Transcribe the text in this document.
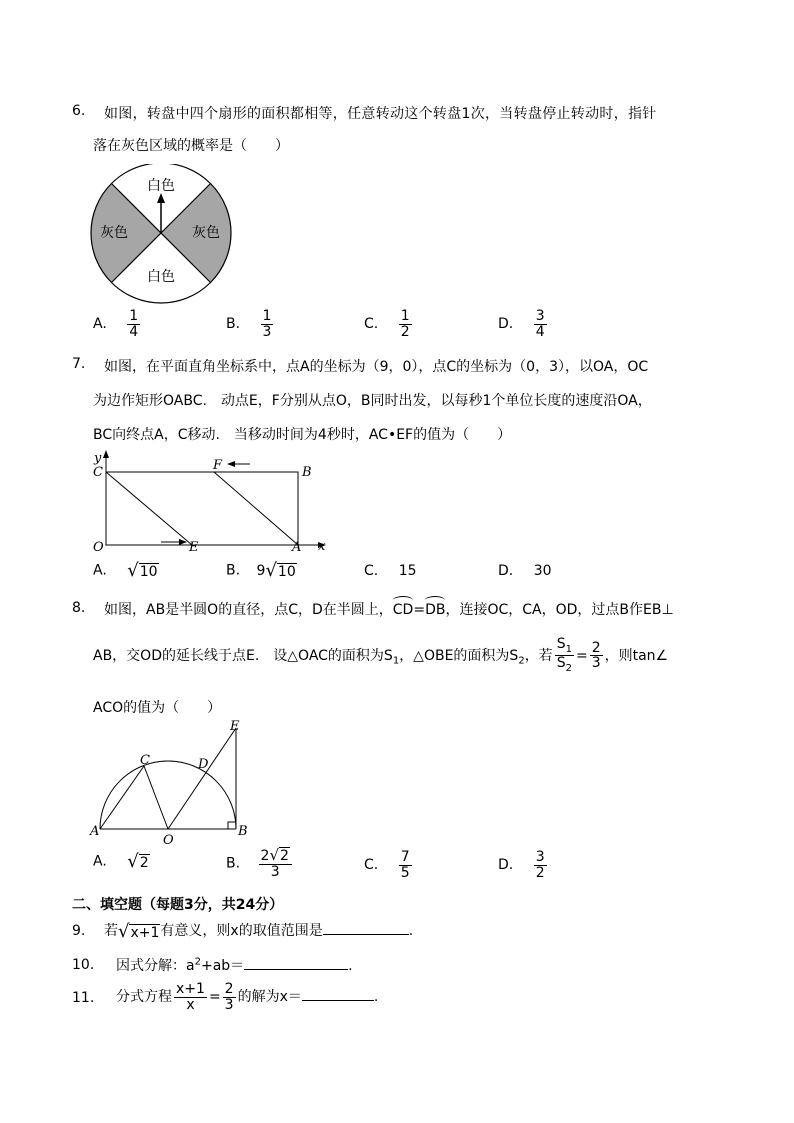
6. 如图，转盘中四个扇形的面积都相等，任意转动这个转盘1次，当转盘停止转动时，指针
落在灰色区域的概率是（　　）
白色
白色
灰色	灰色
A. $\frac{1}{4}$	B. $\frac{1}{3}$	C. $\frac{1}{2}$	D. $\frac{3}{4}$
7. 如图，在平面直角坐标系中，点A的坐标为（9，0），点C的坐标为（0，3），以OA，OC
为边作矩形OABC.　动点E，F分别从点O，B同时出发，以每秒1个单位长度的速度沿OA，
BC向终点A，C移动.　当移动时间为4秒时，AC•EF的值为（　　）
y
x
C	F	B
O	E	A
A. √10	B. 9√10	C. 15	D. 30
8. 如图，AB是半圆O的直径，点C，D在半圆上，
CD=
DB，连接OC，CA，OD，过点B作EB⊥
AB，交OD的延长线于点E.　设△OAC的面积为$S_1$，△OBE的面积为$S_2$，若 $\frac{S_1}{S_2} = \frac{2}{3}$ ，则tan∠
ACO的值为（　　）
E
C	D
A
O
B
A. √2	B. $\frac{2√2}{3}$	C. $\frac{7}{5}$	D. $\frac{3}{2}$
二、填空题（每题3分，共24分）
9. 若√x+1有意义，则x的取值范围是	.
10. 因式分解：$a^2+ab=$	.
11. 分式方程 $\frac{x+1}{x} = \frac{2}{3}$ 的解为x＝	.
